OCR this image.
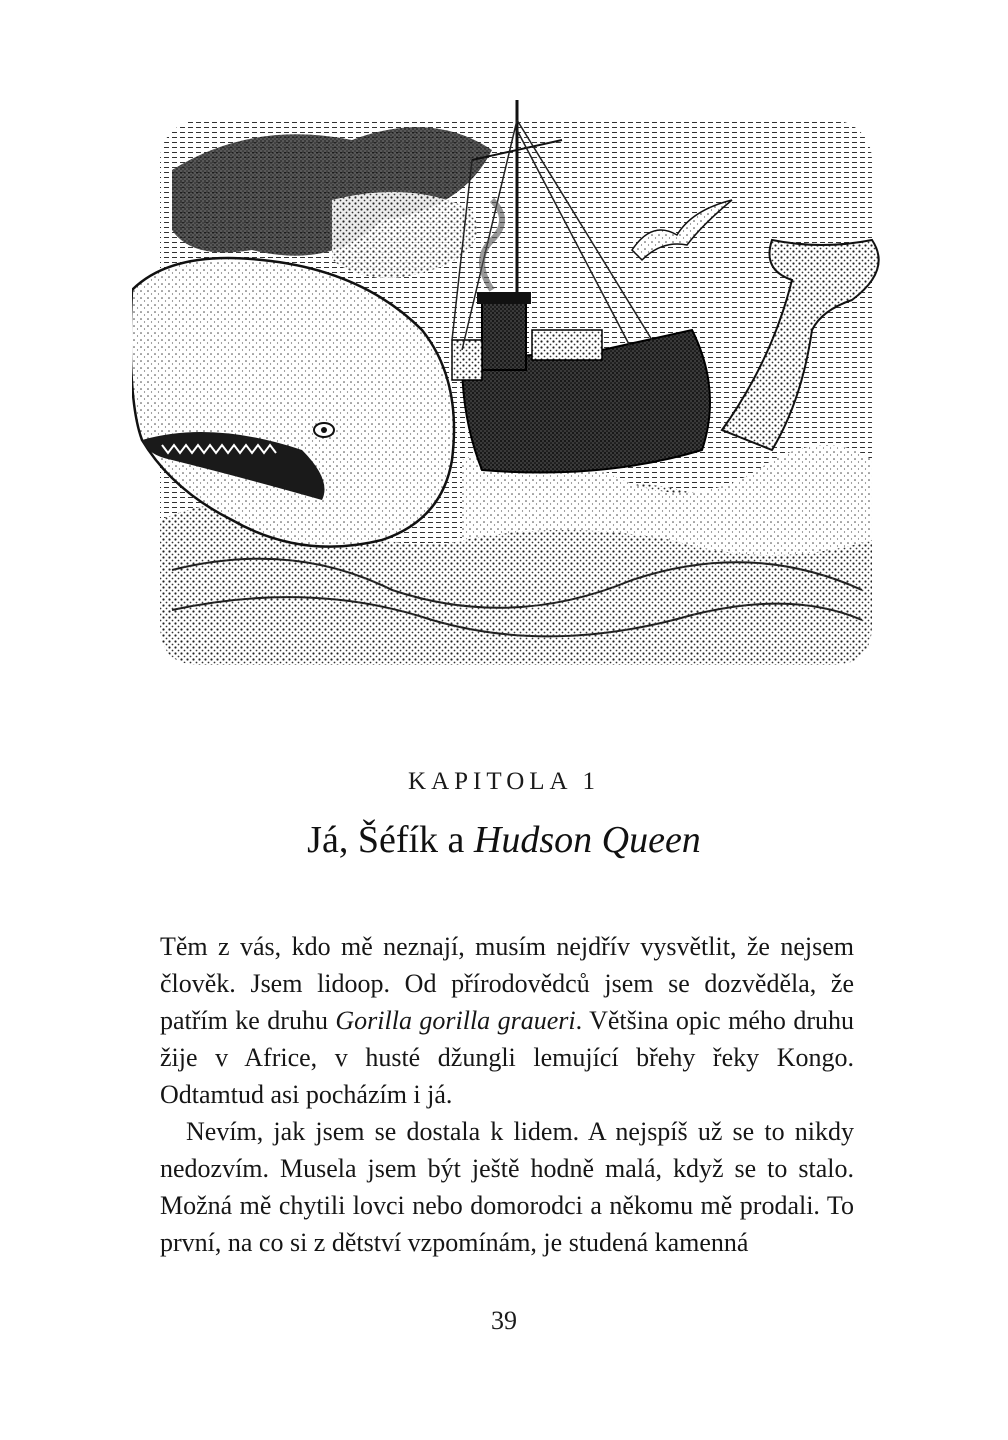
KAPITOLA 1
Já, Šéfík a Hudson Queen

Těm z vás, kdo mě neznají, musím nejdřív vysvětlit, že nejsem člověk. Jsem lidoop. Od přírodovědců jsem se dozvěděla, že patřím ke druhu Gorilla gorilla graueri. Většina opic mého druhu žije v Africe, v husté džungli lemující břehy řeky Kongo. Odtamtud asi pocházím i já.

Nevím, jak jsem se dostala k lidem. A nejspíš už se to nikdy nedozvím. Musela jsem být ještě hodně malá, když se to stalo. Možná mě chytili lovci nebo domorodci a někomu mě prodali. To první, na co si z dětství vzpomínám, je studená kamenná

39
